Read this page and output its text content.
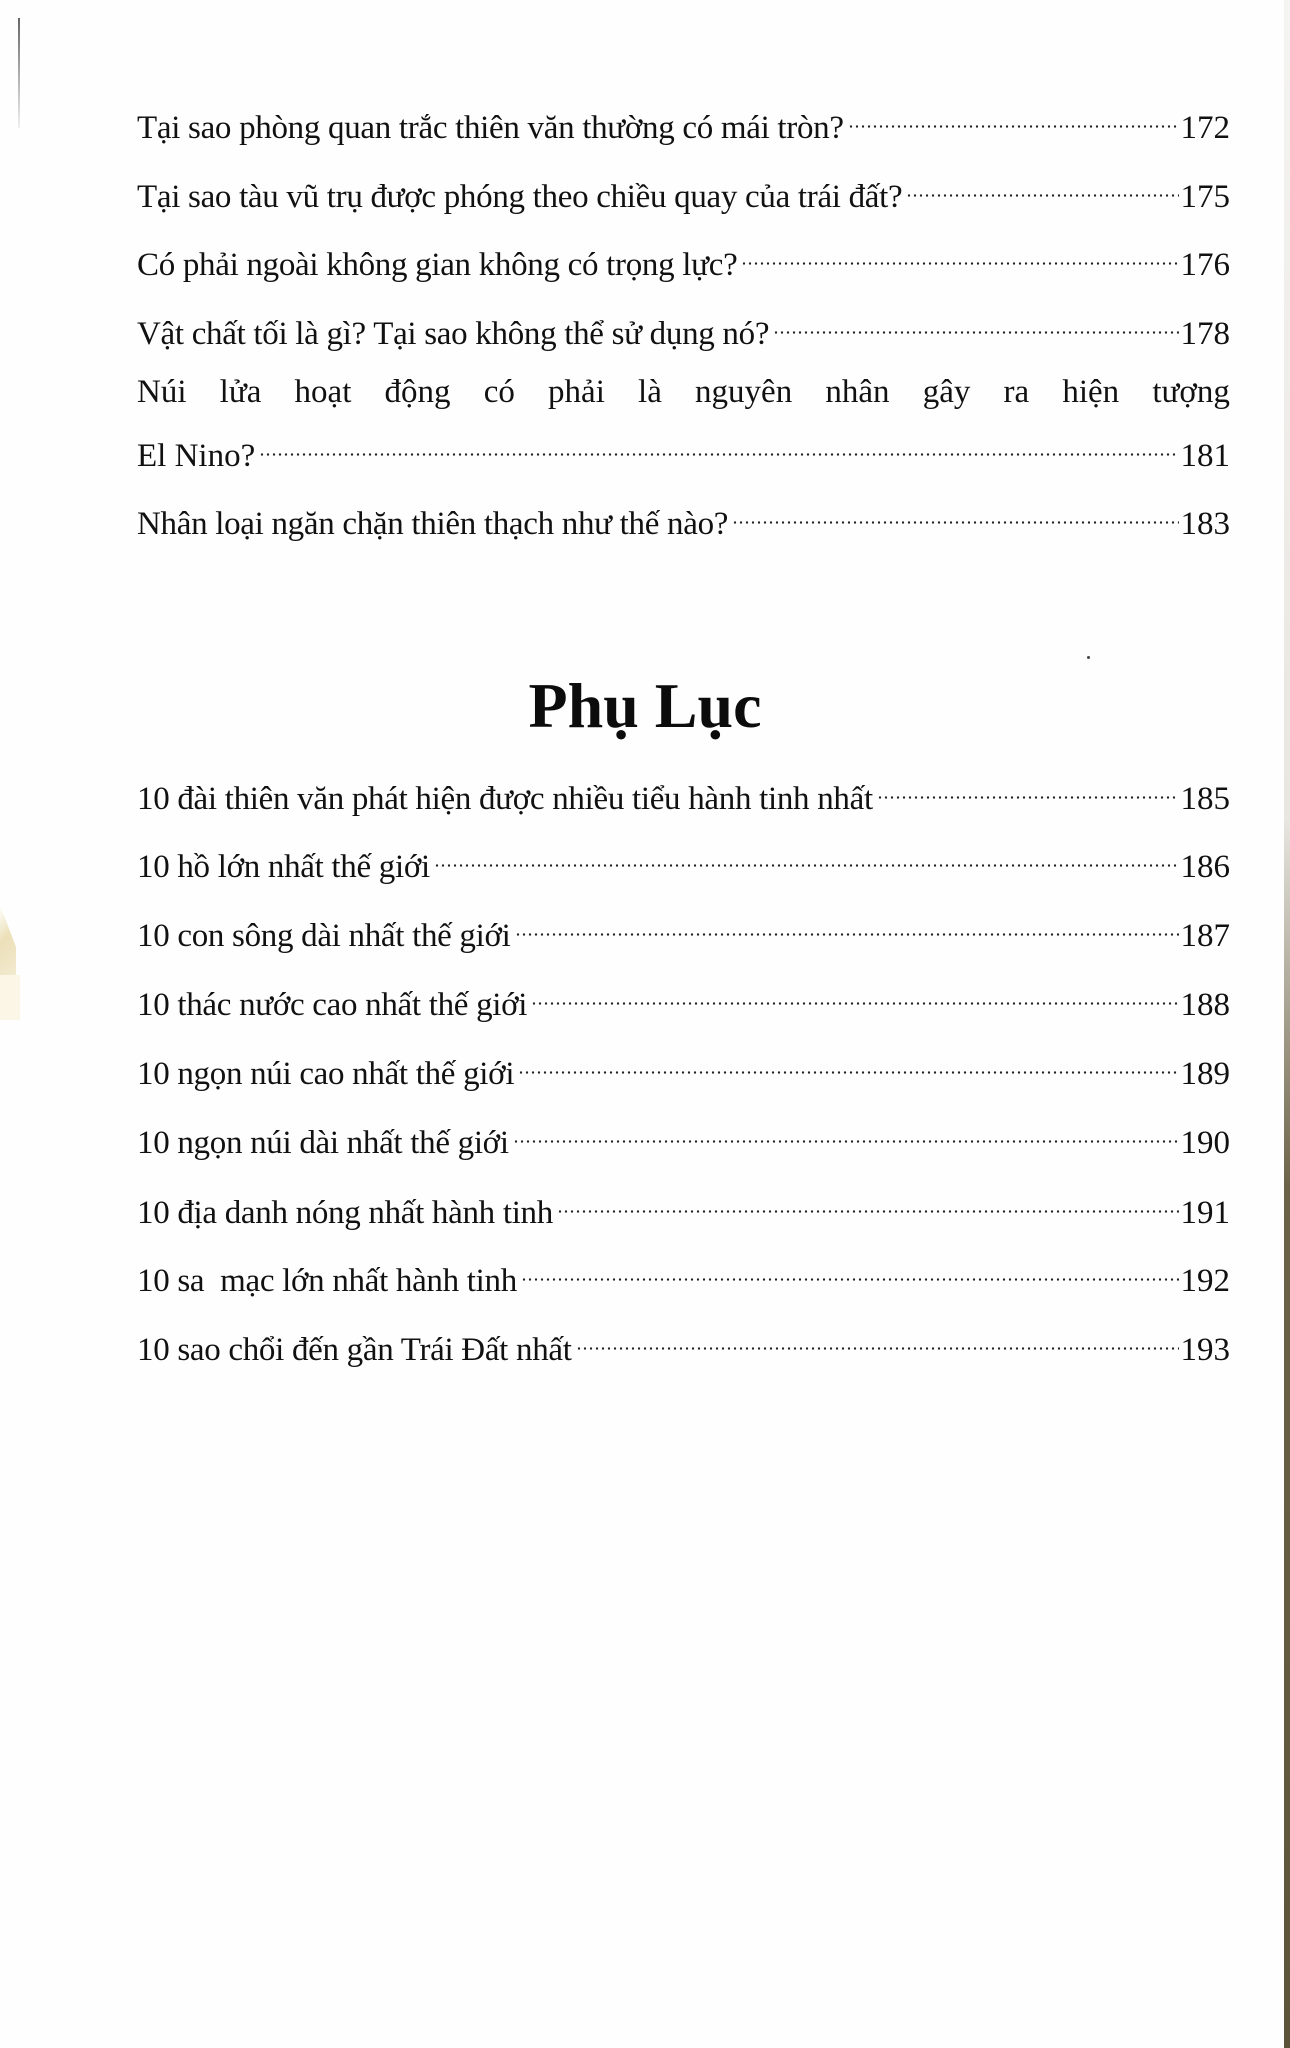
Tại sao phòng quan trắc thiên văn thường có mái tròn?	172
Tại sao tàu vũ trụ được phóng theo chiều quay của trái đất?	175
Có phải ngoài không gian không có trọng lực?	176
Vật chất tối là gì? Tại sao không thể sử dụng nó?	178
Núi lửa hoạt động có phải là nguyên nhân gây ra hiện tượng
El Nino?	181
Nhân loại ngăn chặn thiên thạch như thế nào?	183
Phụ Lục
10 đài thiên văn phát hiện được nhiều tiểu hành tinh nhất	185
10 hồ lớn nhất thế giới	186
10 con sông dài nhất thế giới	187
10 thác nước cao nhất thế giới	188
10 ngọn núi cao nhất thế giới	189
10 ngọn núi dài nhất thế giới	190
10 địa danh nóng nhất hành tinh	191
10 sa  mạc lớn nhất hành tinh	192
10 sao chổi đến gần Trái Đất nhất	193
